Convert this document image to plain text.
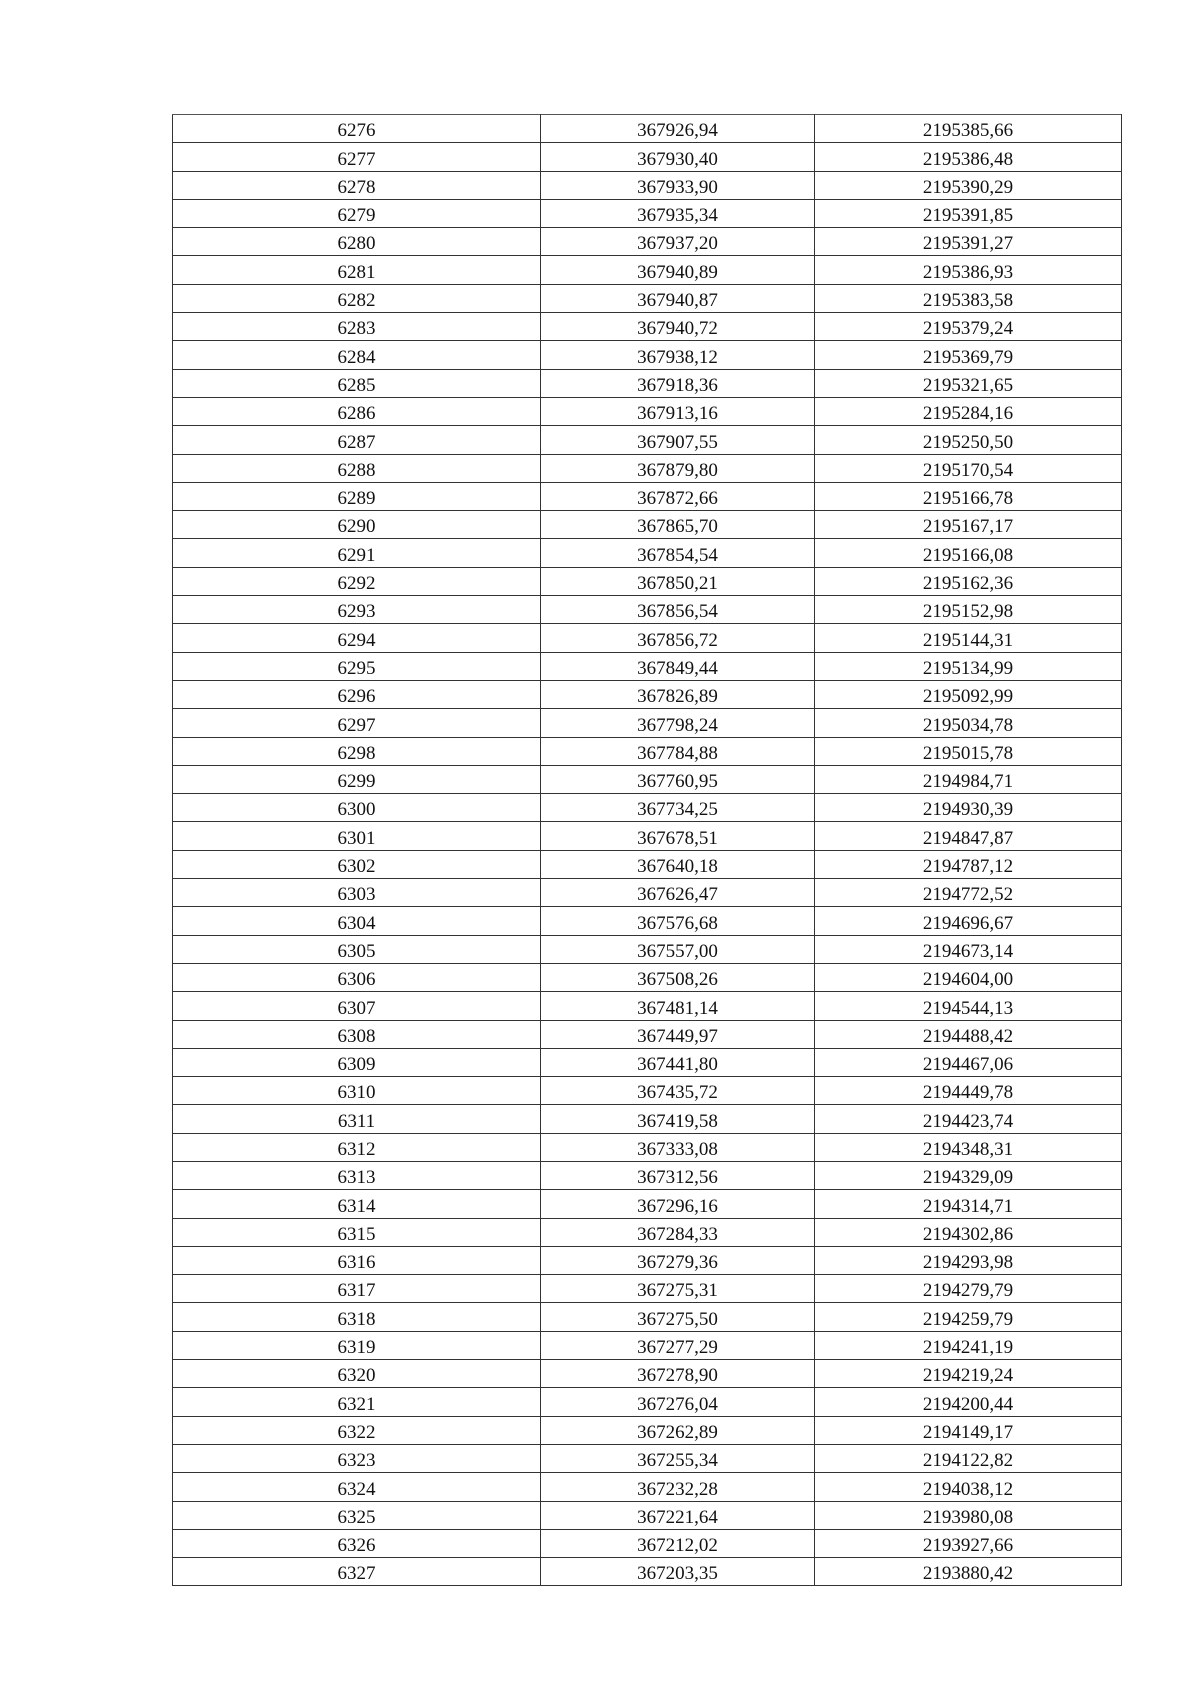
6276	367926,94	2195385,66
6277	367930,40	2195386,48
6278	367933,90	2195390,29
6279	367935,34	2195391,85
6280	367937,20	2195391,27
6281	367940,89	2195386,93
6282	367940,87	2195383,58
6283	367940,72	2195379,24
6284	367938,12	2195369,79
6285	367918,36	2195321,65
6286	367913,16	2195284,16
6287	367907,55	2195250,50
6288	367879,80	2195170,54
6289	367872,66	2195166,78
6290	367865,70	2195167,17
6291	367854,54	2195166,08
6292	367850,21	2195162,36
6293	367856,54	2195152,98
6294	367856,72	2195144,31
6295	367849,44	2195134,99
6296	367826,89	2195092,99
6297	367798,24	2195034,78
6298	367784,88	2195015,78
6299	367760,95	2194984,71
6300	367734,25	2194930,39
6301	367678,51	2194847,87
6302	367640,18	2194787,12
6303	367626,47	2194772,52
6304	367576,68	2194696,67
6305	367557,00	2194673,14
6306	367508,26	2194604,00
6307	367481,14	2194544,13
6308	367449,97	2194488,42
6309	367441,80	2194467,06
6310	367435,72	2194449,78
6311	367419,58	2194423,74
6312	367333,08	2194348,31
6313	367312,56	2194329,09
6314	367296,16	2194314,71
6315	367284,33	2194302,86
6316	367279,36	2194293,98
6317	367275,31	2194279,79
6318	367275,50	2194259,79
6319	367277,29	2194241,19
6320	367278,90	2194219,24
6321	367276,04	2194200,44
6322	367262,89	2194149,17
6323	367255,34	2194122,82
6324	367232,28	2194038,12
6325	367221,64	2193980,08
6326	367212,02	2193927,66
6327	367203,35	2193880,42
